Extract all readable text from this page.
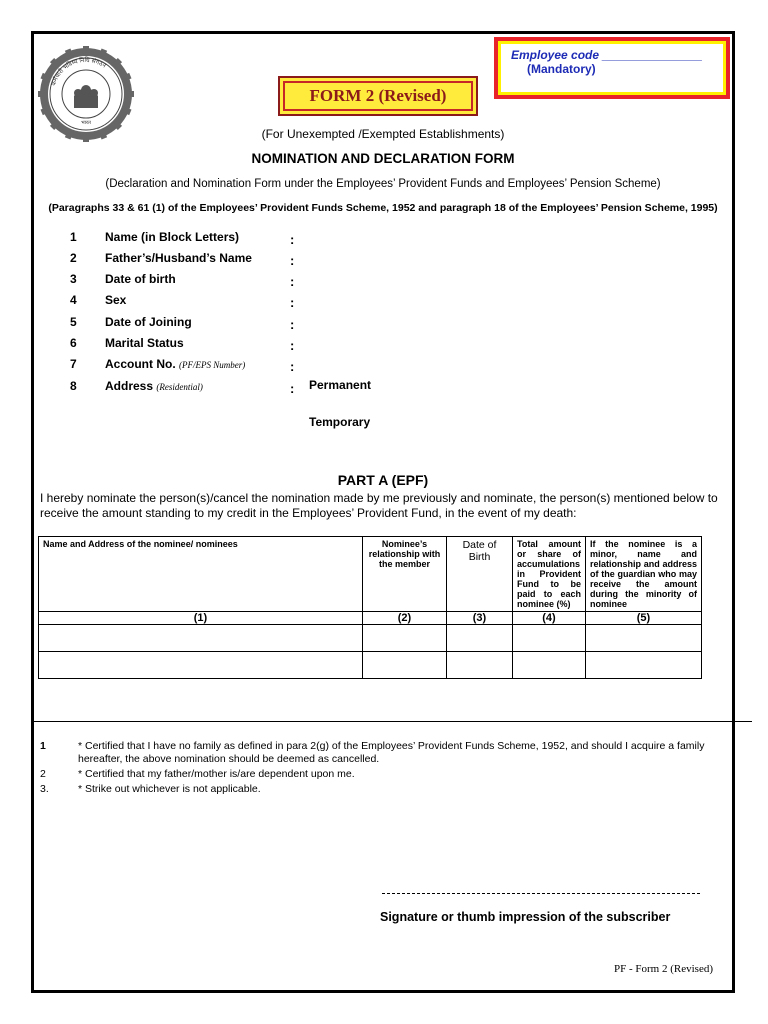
कर्मचारी भविष्य निधि संगठन
भारत
Employee code _______________
(Mandatory)
FORM 2 (Revised)
(For Unexempted /Exempted Establishments)
NOMINATION AND DECLARATION FORM
(Declaration and Nomination Form under the Employees’ Provident Funds and Employees’ Pension Scheme)
(Paragraphs 33 & 61 (1) of the Employees’ Provident Funds Scheme, 1952 and paragraph 18 of the Employees’ Pension Scheme, 1995)
1	Name (in Block Letters)	:
2	Father’s/Husband’s Name	:
3	Date of birth	:
4	Sex	:
5	Date of Joining	:
6	Marital Status	:
7	Account No. (PF/EPS Number)	:
8	Address (Residential)	: Permanent
Temporary
PART A (EPF)
I hereby nominate the person(s)/cancel the nomination made by me previously and nominate, the person(s) mentioned below to receive the amount standing to my credit in the Employees’ Provident Fund, in the event of my death:
Name and Address of the nominee/ nominees	Nominee’s relationship with the member	Date of Birth	Total amount or share of accumulations in Provident Fund to be paid to each nominee (%)	If the nominee is a minor, name and relationship and address of the guardian who may receive the amount during the minority of nominee
(1)	(2)	(3)	(4)	(5)

1	* Certified that I have no family as defined in para 2(g) of the Employees’ Provident Funds Scheme, 1952, and should I acquire a family hereafter, the above nomination should be deemed as cancelled.
2	* Certified that my father/mother is/are dependent upon me.
3.	* Strike out whichever is not applicable.
Signature or thumb impression of the subscriber
PF - Form 2 (Revised)
